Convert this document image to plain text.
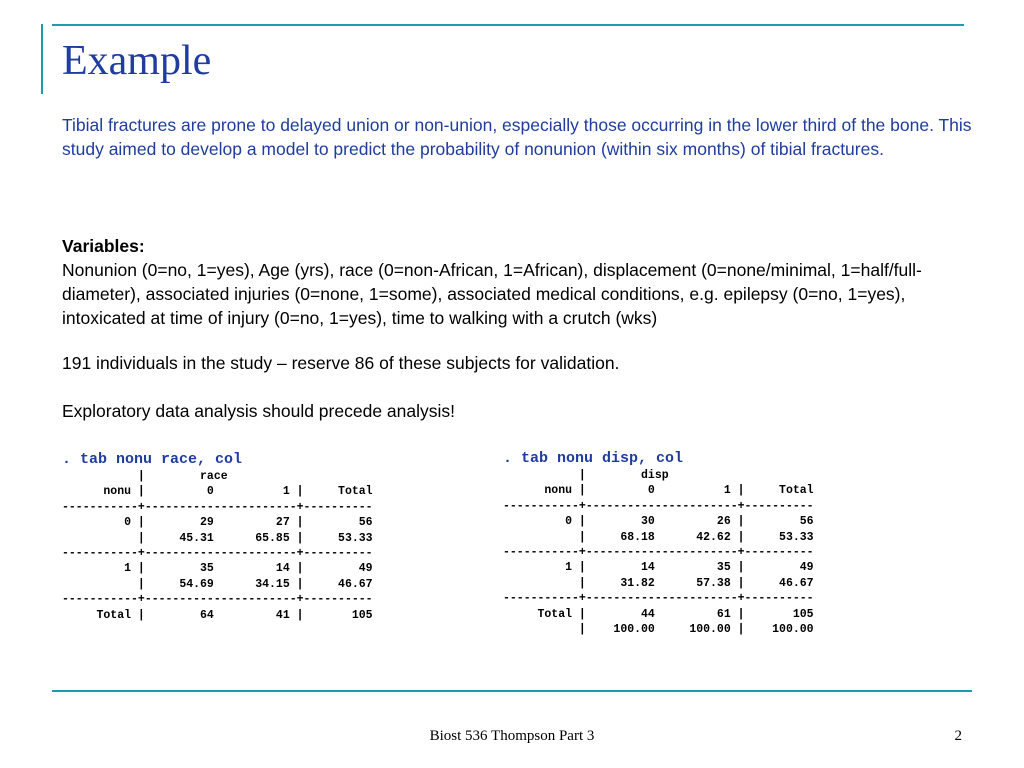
Example
Tibial fractures are prone to delayed union or non-union, especially those occurring in the lower third of the bone. This study aimed to develop a model to predict the probability of nonunion (within six months) of tibial fractures.
Variables:
Nonunion (0=no, 1=yes), Age (yrs), race (0=non-African, 1=African), displacement (0=none/minimal, 1=half/full-diameter), associated injuries (0=none, 1=some), associated medical conditions, e.g. epilepsy (0=no, 1=yes), intoxicated at time of injury (0=no, 1=yes), time to walking with a crutch (wks)
191 individuals in the study – reserve 86 of these subjects for validation.
Exploratory data analysis should precede analysis!
. tab nonu race, col
|        race
nonu |         0          1 |     Total
-----------+----------------------+----------
0 |        29         27 |        56
|     45.31      65.85 |     53.33
-----------+----------------------+----------
1 |        35         14 |        49
|     54.69      34.15 |     46.67
-----------+----------------------+----------
Total |        64         41 |       105
. tab nonu disp, col
|        disp
nonu |         0          1 |     Total
-----------+----------------------+----------
0 |        30         26 |        56
|     68.18      42.62 |     53.33
-----------+----------------------+----------
1 |        14         35 |        49
|     31.82      57.38 |     46.67
-----------+----------------------+----------
Total |        44         61 |       105
|    100.00     100.00 |    100.00
Biost 536 Thompson Part 3	2
